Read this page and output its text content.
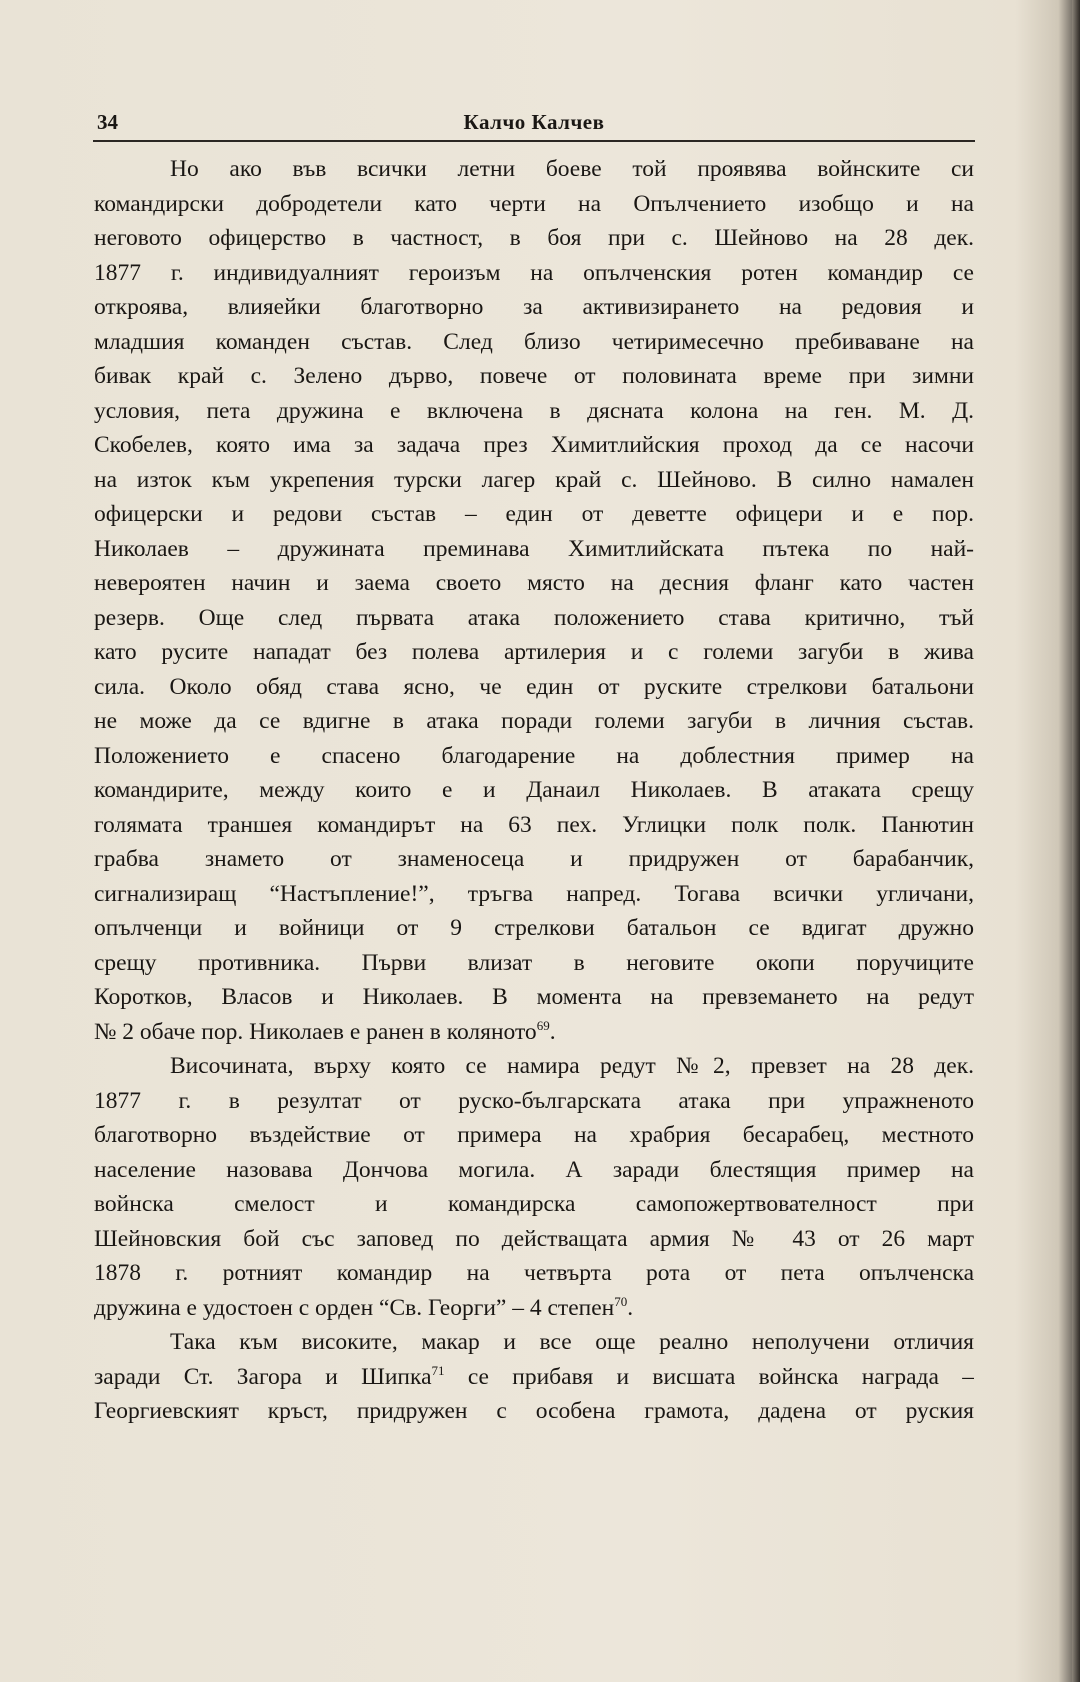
34	Калчо Калчев
Но ако във всички летни боеве той проявява войнските си
командирски добродетели като черти на Опълчението изобщо и на
неговото офицерство в частност, в боя при с. Шейново на 28 дек.
1877 г. индивидуалният героизъм на опълченския ротен командир се
откроява, влияейки благотворно за активизирането на редовия и
младшия команден състав. След близо четиримесечно пребиваване на
бивак край с. Зелено дърво, повече от половината време при зимни
условия, пета дружина е включена в дясната колона на ген. М. Д.
Скобелев, която има за задача през Химитлийския проход да се насочи
на изток към укрепения турски лагер край с. Шейново. В силно намален
офицерски и редови състав – един от деветте офицери и е пор.
Николаев – дружината преминава Химитлийската пътека по най-
невероятен начин и заема своето място на десния фланг като частен
резерв. Още след първата атака положението става критично, тъй
като русите нападат без полева артилерия и с големи загуби в жива
сила. Около обяд става ясно, че един от руските стрелкови батальони
не може да се вдигне в атака поради големи загуби в личния състав.
Положението е спасено благодарение на доблестния пример на
командирите, между които е и Данаил Николаев. В атаката срещу
голямата траншея командирът на 63 пех. Углицки полк полк. Панютин
грабва знамето от знаменосеца и придружен от барабанчик,
сигнализиращ “Настъпление!”, тръгва напред. Тогава всички угличани,
опълченци и войници от 9 стрелкови батальон се вдигат дружно
срещу противника. Първи влизат в неговите окопи поручиците
Коротков, Власов и Николаев. В момента на превземането на редут
№ 2 обаче пор. Николаев е ранен в коляното$^{69}$.
Височината, върху която се намира редут №2, превзет на 28 дек.
1877 г. в резултат от руско-българската атака при упражненото
благотворно въздействие от примера на храбрия бесарабец, местното
население назовава Дончова могила. А заради блестящия пример на
войнска смелост и командирска самопожертвователност при
Шейновския бой със заповед по действащата армия № 43 от 26 март
1878 г. ротният командир на четвърта рота от пета опълченска
дружина е удостоен с орден “Св. Георги” – 4 степен$^{70}$.
Така към високите, макар и все още реално неполучени отличия
заради Ст. Загора и Шипка$^{71}$ се прибавя и висшата войнска награда –
Георгиевският кръст, придружен с особена грамота, дадена от руския
